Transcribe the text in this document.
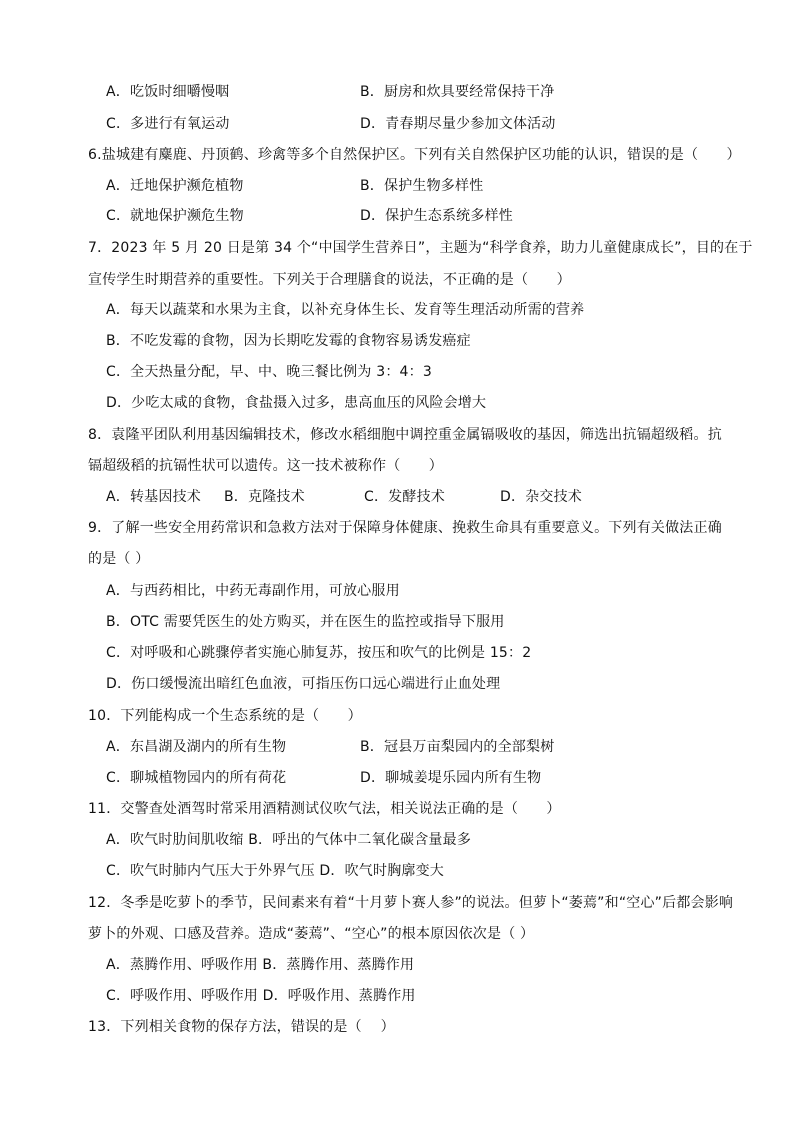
A．吃饭时细嚼慢咽	B．厨房和炊具要经常保持干净
C．多进行有氧运动	D．青春期尽量少参加文体活动
6.盐城建有麋鹿、丹顶鹤、珍禽等多个自然保护区。下列有关自然保护区功能的认识，错误的是（　　）
A．迁地保护濒危植物	B．保护生物多样性
C．就地保护濒危生物	D．保护生态系统多样性
7．2023 年 5 月 20 日是第 34 个“中国学生营养日”，主题为“科学食养，助力儿童健康成长”，目的在于
宣传学生时期营养的重要性。下列关于合理膳食的说法，不正确的是（　　）
A．每天以蔬菜和水果为主食，以补充身体生长、发育等生理活动所需的营养
B．不吃发霉的食物，因为长期吃发霉的食物容易诱发癌症
C．全天热量分配，早、中、晚三餐比例为 3：4：3
D．少吃太咸的食物，食盐摄入过多，患高血压的风险会增大
8．袁隆平团队利用基因编辑技术，修改水稻细胞中调控重金属镉吸收的基因，筛选出抗镉超级稻。抗
镉超级稻的抗镉性状可以遗传。这一技术被称作（　　）
A．转基因技术 B．克隆技术	C．发酵技术	D．杂交技术
9．了解一些安全用药常识和急救方法对于保障身体健康、挽救生命具有重要意义。下列有关做法正确
的是（ ）
A．与西药相比，中药无毒副作用，可放心服用
B．OTC 需要凭医生的处方购买，并在医生的监控或指导下服用
C．对呼吸和心跳骤停者实施心肺复苏，按压和吹气的比例是 15：2
D．伤口缓慢流出暗红色血液，可指压伤口远心端进行止血处理
10．下列能构成一个生态系统的是（　　）
A．东昌湖及湖内的所有生物	B．冠县万亩梨园内的全部梨树
C．聊城植物园内的所有荷花	D．聊城姜堤乐园内所有生物
11．交警查处酒驾时常采用酒精测试仪吹气法，相关说法正确的是（　　）
A．吹气时肋间肌收缩 B．呼出的气体中二氧化碳含量最多
C．吹气时肺内气压大于外界气压 D．吹气时胸廓变大
12．冬季是吃萝卜的季节，民间素来有着“十月萝卜赛人参”的说法。但萝卜“萎蔫”和“空心”后都会影响
萝卜的外观、口感及营养。造成“萎蔫”、“空心”的根本原因依次是（ ）
A．蒸腾作用、呼吸作用 B．蒸腾作用、蒸腾作用
C．呼吸作用、呼吸作用 D．呼吸作用、蒸腾作用
13．下列相关食物的保存方法，错误的是（　 ）
